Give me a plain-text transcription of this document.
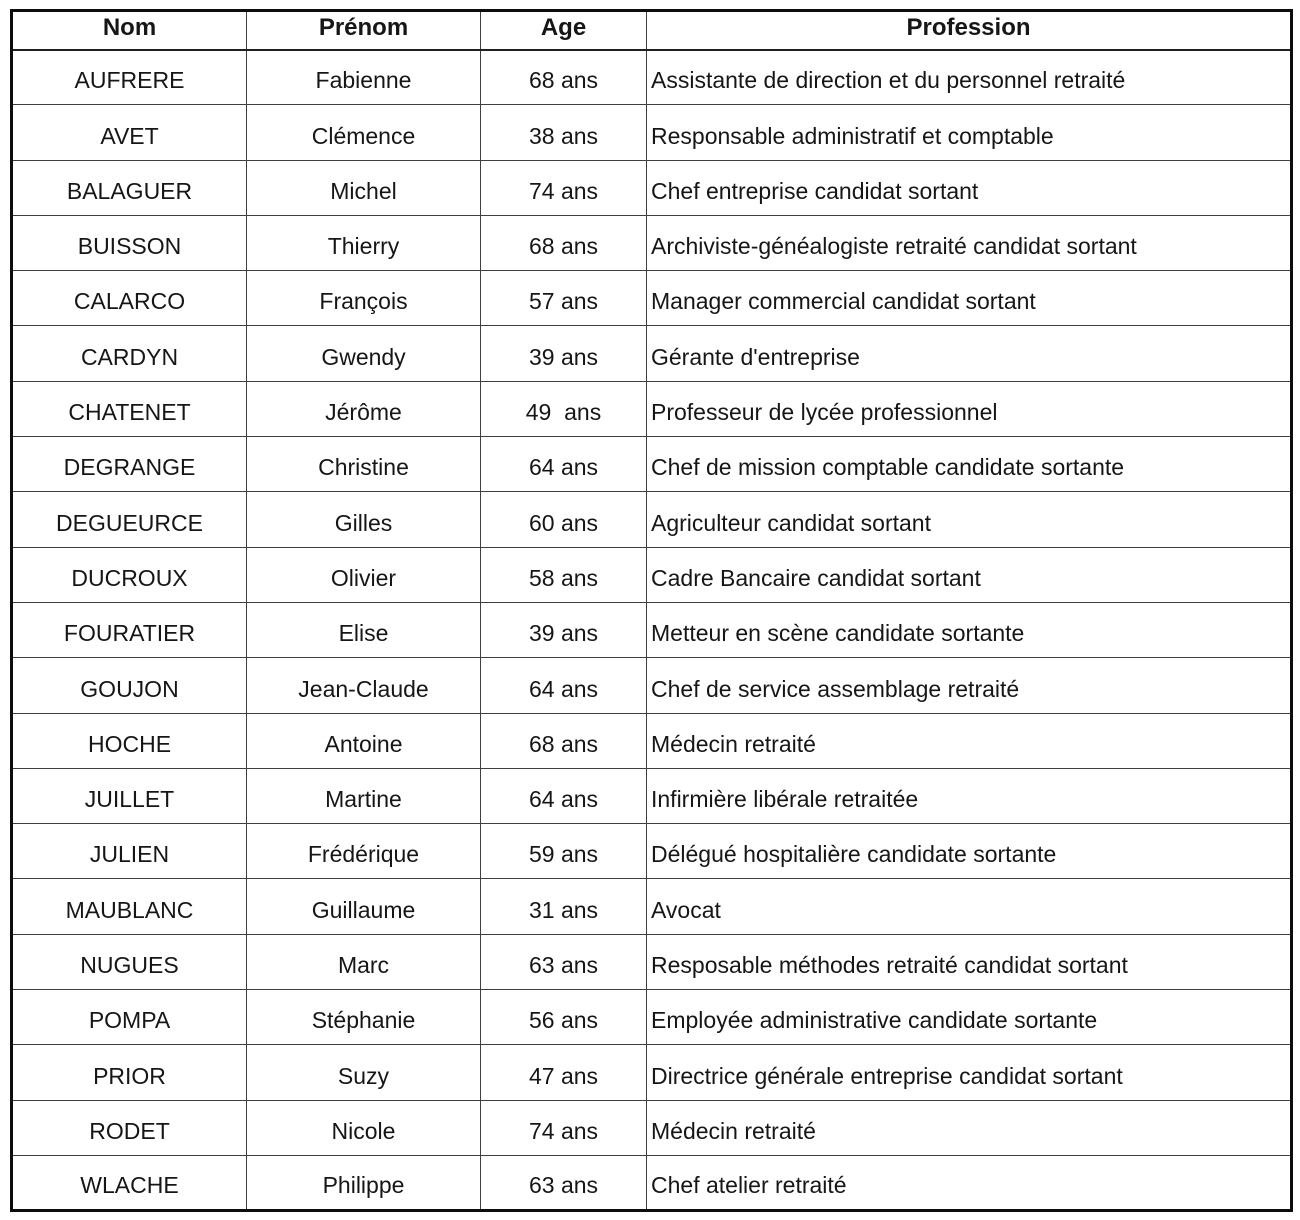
Nom	Prénom	Age	Profession
AUFRERE	Fabienne	68 ans	Assistante de direction et du personnel retraité
AVET	Clémence	38 ans	Responsable administratif et comptable
BALAGUER	Michel	74 ans	Chef entreprise candidat sortant
BUISSON	Thierry	68 ans	Archiviste-généalogiste retraité candidat sortant
CALARCO	François	57 ans	Manager commercial candidat sortant
CARDYN	Gwendy	39 ans	Gérante d'entreprise
CHATENET	Jérôme	49  ans	Professeur de lycée professionnel
DEGRANGE	Christine	64 ans	Chef de mission comptable candidate sortante
DEGUEURCE	Gilles	60 ans	Agriculteur candidat sortant
DUCROUX	Olivier	58 ans	Cadre Bancaire candidat sortant
FOURATIER	Elise	39 ans	Metteur en scène candidate sortante
GOUJON	Jean-Claude	64 ans	Chef de service assemblage retraité
HOCHE	Antoine	68 ans	Médecin retraité
JUILLET	Martine	64 ans	Infirmière libérale retraitée
JULIEN	Frédérique	59 ans	Délégué hospitalière candidate sortante
MAUBLANC	Guillaume	31 ans	Avocat
NUGUES	Marc	63 ans	Resposable méthodes retraité candidat sortant
POMPA	Stéphanie	56 ans	Employée administrative candidate sortante
PRIOR	Suzy	47 ans	Directrice générale entreprise candidat sortant
RODET	Nicole	74 ans	Médecin retraité
WLACHE	Philippe	63 ans	Chef atelier retraité
